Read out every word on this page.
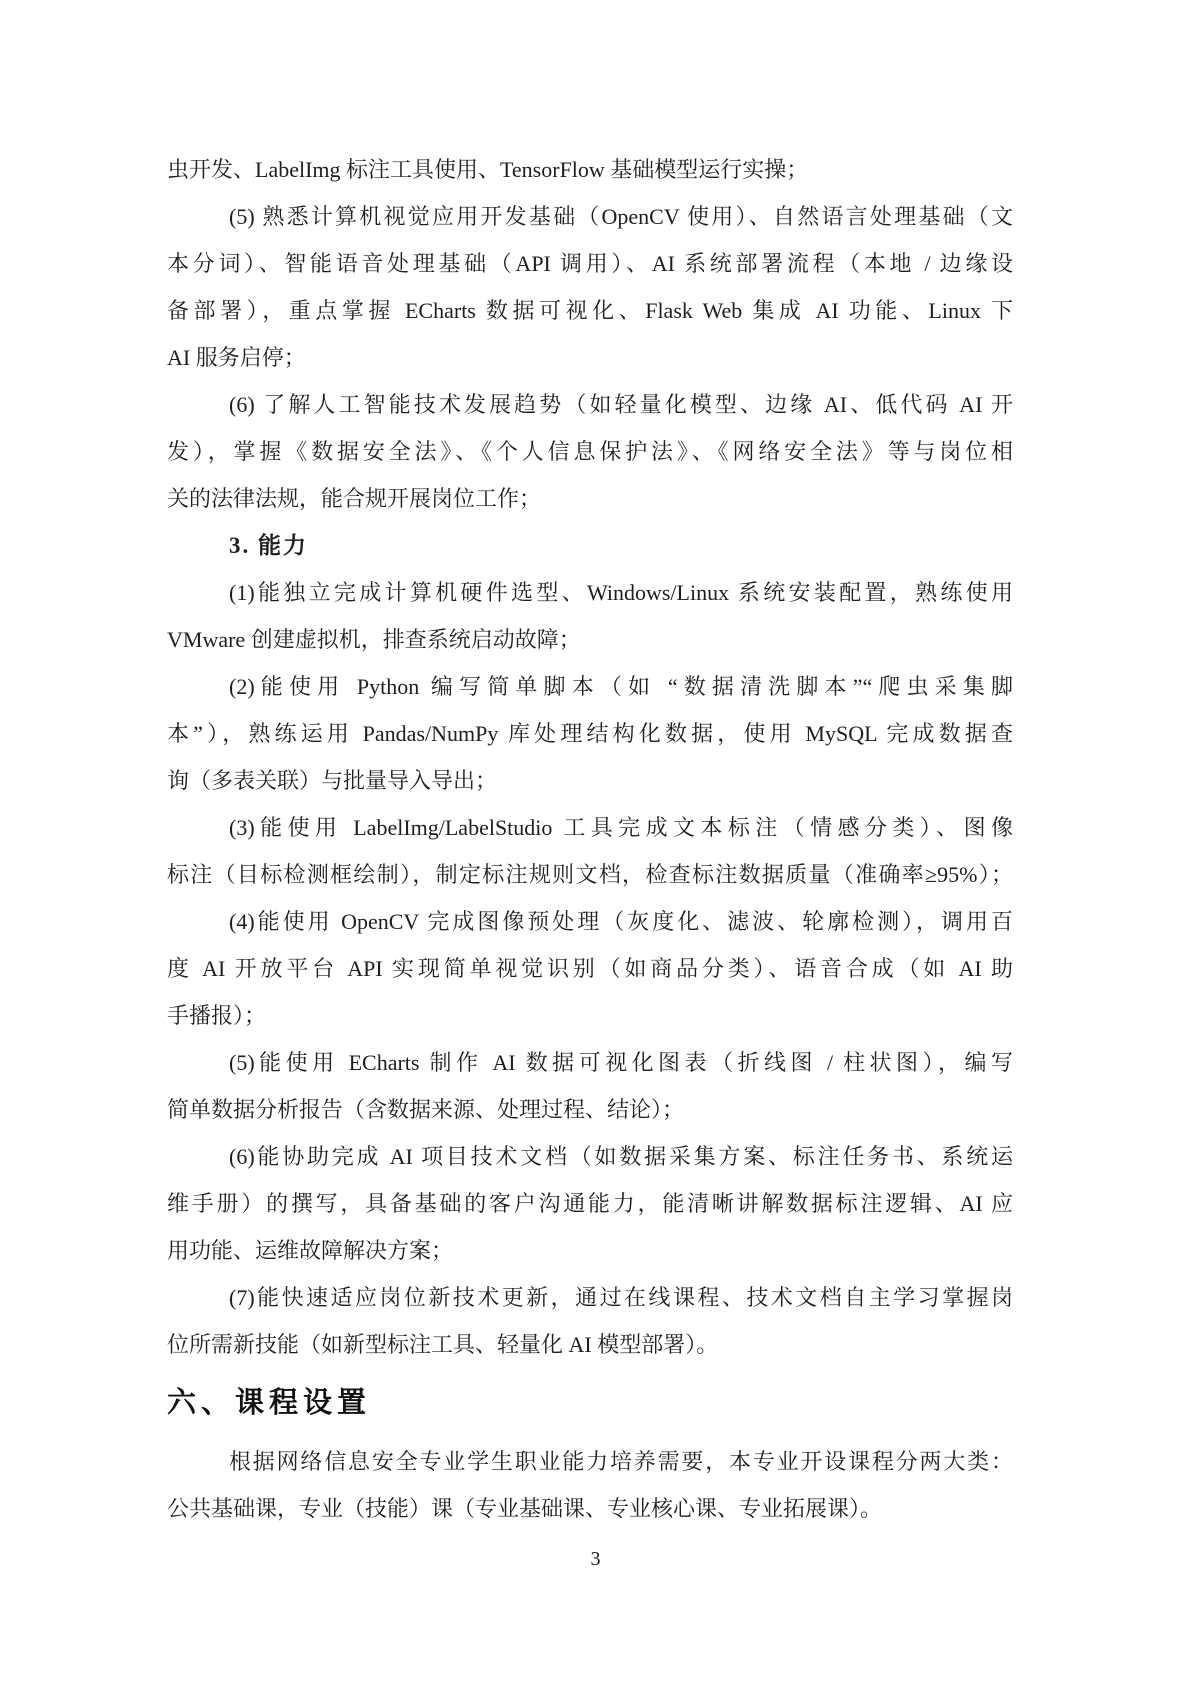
虫开发、LabelImg 标注工具使用、TensorFlow 基础模型运行实操；
(5) 熟悉计算机视觉应用开发基础（OpenCV 使用）、自然语言处理基础（文
本分词）、智能语音处理基础（API 调用）、AI 系统部署流程（本地 / 边缘设
备部署），重点掌握 ECharts 数据可视化、Flask Web 集成 AI 功能、Linux 下
AI 服务启停；
(6) 了解人工智能技术发展趋势（如轻量化模型、边缘 AI、低代码 AI 开
发），掌握《数据安全法》、《个人信息保护法》、《网络安全法》等与岗位相
关的法律法规，能合规开展岗位工作；
3. 能力
(1)能独立完成计算机硬件选型、Windows/Linux 系统安装配置，熟练使用
VMware 创建虚拟机，排查系统启动故障；
(2)能使用 Python 编写简单脚本（如 “数据清洗脚本”“爬虫采集脚
本”），熟练运用 Pandas/NumPy 库处理结构化数据，使用 MySQL 完成数据查
询（多表关联）与批量导入导出；
(3)能使用 LabelImg/LabelStudio 工具完成文本标注（情感分类）、图像
标注（目标检测框绘制），制定标注规则文档，检查标注数据质量（准确率≥95%）；
(4)能使用 OpenCV 完成图像预处理（灰度化、滤波、轮廓检测），调用百
度 AI 开放平台 API 实现简单视觉识别（如商品分类）、语音合成（如 AI 助
手播报）；
(5)能使用 ECharts 制作 AI 数据可视化图表（折线图 / 柱状图），编写
简单数据分析报告（含数据来源、处理过程、结论）；
(6)能协助完成 AI 项目技术文档（如数据采集方案、标注任务书、系统运
维手册）的撰写，具备基础的客户沟通能力，能清晰讲解数据标注逻辑、AI 应
用功能、运维故障解决方案；
(7)能快速适应岗位新技术更新，通过在线课程、技术文档自主学习掌握岗
位所需新技能（如新型标注工具、轻量化 AI 模型部署）。
六、课程设置
根据网络信息安全专业学生职业能力培养需要，本专业开设课程分两大类：
公共基础课，专业（技能）课（专业基础课、专业核心课、专业拓展课）。
3
